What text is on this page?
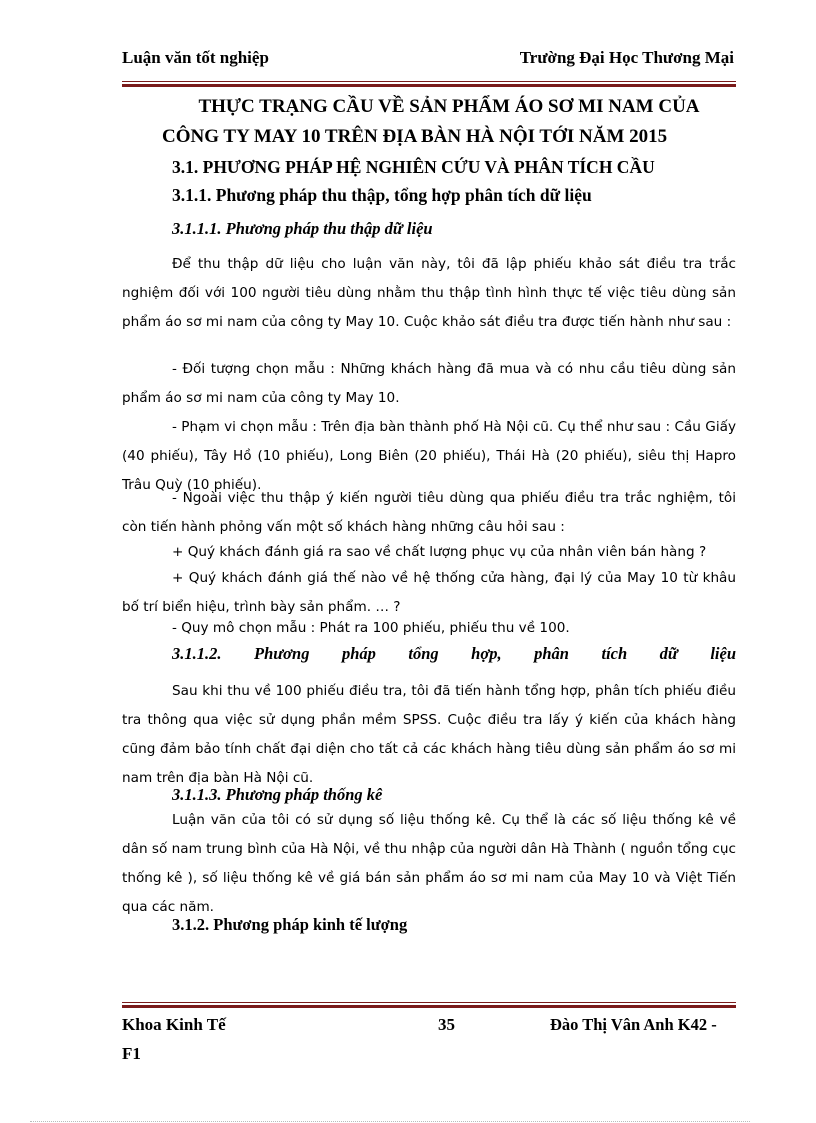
Luận văn tốt nghiệp	Trường Đại Học Thương Mại
THỰC TRẠNG CẦU VỀ SẢN PHẨM ÁO SƠ MI NAM CỦA
CÔNG TY MAY 10 TRÊN ĐỊA BÀN HÀ NỘI TỚI NĂM 2015
3.1. PHƯƠNG PHÁP HỆ NGHIÊN CỨU VÀ PHÂN TÍCH CẦU
3.1.1. Phương pháp thu thập, tổng hợp phân tích dữ liệu
3.1.1.1. Phương pháp thu thập dữ liệu
Để thu thập dữ liệu cho luận văn này, tôi đã lập phiếu khảo sát điều tra trắc nghiệm đối với 100 người tiêu dùng nhằm thu thập tình hình thực tế việc tiêu dùng sản phẩm áo sơ mi nam của công ty May 10. Cuộc khảo sát điều tra được tiến hành như sau :
- Đối tượng chọn mẫu : Những khách hàng đã mua và có nhu cầu tiêu dùng sản phẩm áo sơ mi nam của công ty May 10.
- Phạm vi chọn mẫu : Trên địa bàn thành phố Hà Nội cũ. Cụ thể như sau : Cầu Giấy (40 phiếu), Tây Hồ (10 phiếu), Long Biên (20 phiếu), Thái Hà (20 phiếu), siêu thị Hapro Trâu Quỳ (10 phiếu).
- Ngoài việc thu thập ý kiến người tiêu dùng qua phiếu điều tra trắc nghiệm, tôi còn tiến hành phỏng vấn một số khách hàng những câu hỏi sau :
+ Quý khách đánh giá ra sao về chất lượng phục vụ của nhân viên bán hàng ?
+ Quý khách đánh giá thế nào về hệ thống cửa hàng, đại lý của May 10 từ khâu bố trí biển hiệu, trình bày sản phẩm. … ?
- Quy mô chọn mẫu : Phát ra 100 phiếu, phiếu thu về 100.
3.1.1.2. Phương pháp tổng hợp, phân tích dữ liệu
Sau khi thu về 100 phiếu điều tra, tôi đã tiến hành tổng hợp, phân tích phiếu điều tra thông qua việc sử dụng phần mềm SPSS. Cuộc điều tra lấy ý kiến của khách hàng cũng đảm bảo tính chất đại diện cho tất cả các khách hàng tiêu dùng sản phẩm áo sơ mi nam trên địa bàn Hà Nội cũ.
3.1.1.3. Phương pháp thống kê
Luận văn của tôi có sử dụng số liệu thống kê. Cụ thể là các số liệu thống kê về dân số nam trung bình của Hà Nội, về thu nhập của người dân Hà Thành ( nguồn tổng cục thống kê ), số liệu thống kê về giá bán sản phẩm áo sơ mi nam của May 10 và Việt Tiến qua các năm.
3.1.2. Phương pháp kinh tế lượng
Khoa Kinh Tế	35	Đào Thị Vân Anh K42 -
F1
